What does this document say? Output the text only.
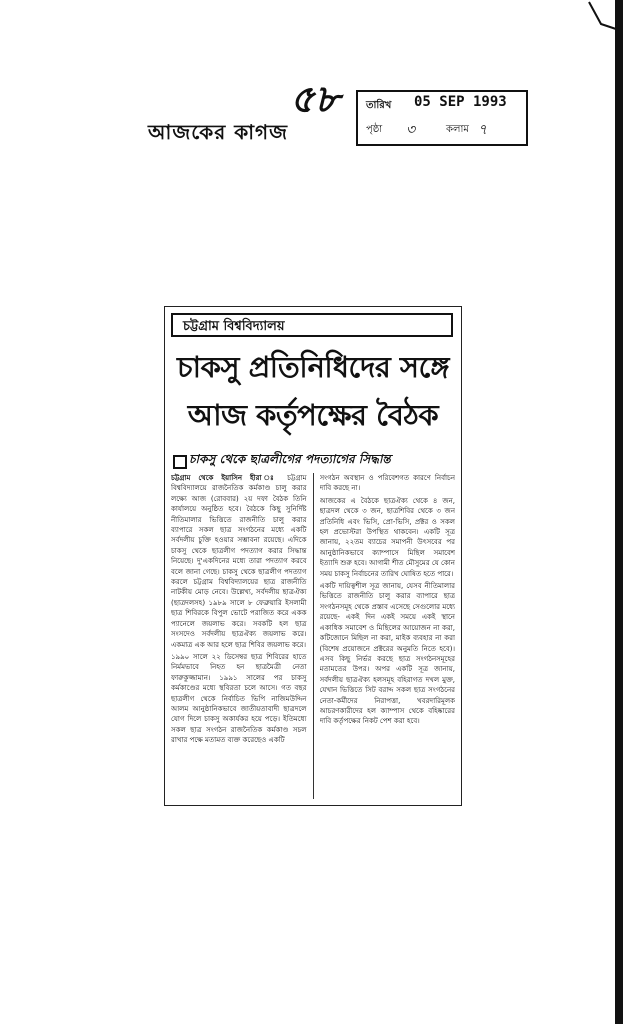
আজকের কাগজ
৫৮	তারিখ 05 SEP 1993
পৃষ্ঠা ৩	কলাম ৭
চট্টগ্রাম বিশ্ববিদ্যালয়
চাকসু প্রতিনিধিদের সঙ্গে
আজ কর্তৃপক্ষের বৈঠক
চাকসু থেকে ছাত্রলীগের পদত্যাগের সিদ্ধান্ত

চট্টগ্রাম থেকে ইয়াসিন হীরা ঃ চট্টগ্রাম বিশ্ববিদ্যালয়ে রাজনৈতিক কর্মকাণ্ড চালু করার লক্ষ্যে আজ (রোববার) ২য় দফা বৈঠক তিনি কার্যালয়ে অনুষ্ঠিত হবে। বৈঠকে কিছু সুনির্দিষ্ট নীতিমালার ভিত্তিতে রাজনীতি চালু করার ব্যাপারে সকল ছাত্র সংগঠনের মধ্যে একটি সর্বদলীয় চুক্তি হওয়ার সম্ভাবনা রয়েছে। এদিকে চাকসু থেকে ছাত্রলীগ পদত্যাগ করার সিদ্ধান্ত নিয়েছে। দু'একদিনের মধ্যে তারা পদত্যাগ করবে বলে জানা গেছে। চাকসু থেকে ছাত্রলীগ পদত্যাগ করলে চট্টগ্রাম বিশ্ববিদ্যালয়ের ছাত্র রাজনীতি নাটকীয় মোড় নেবে। উল্লেখ্য, সর্বদলীয় ছাত্রঐক্য (ছাত্রদলসহ) ১৯৮৯ সালে ৮ ফেব্রুয়ারি ইসলামী ছাত্র শিবিরকে বিপুল ভোটে পরাজিত করে একক প্যানেলে জয়লাভ করে। সবকটি হল ছাত্র সংসদেও সর্বদলীয় ছাত্রঐক্য জয়লাভ করে। একমাত্র এক আর হলে ছাত্র শিবির জয়লাভ করে।

১৯৯০ সালে ২২ ডিসেম্বর ছাত্র শিবিরের হাতে নির্মমভাবে নিহত হন ছাত্রমৈত্রী নেতা ফারুকুজ্জামান। ১৯৯১ সালের পর চাকসু কর্মকাণ্ডের মধ্যে স্থবিরতা চলে আসে। গত বছর ছাত্রলীগ থেকে নির্বাচিত ভিপি নাজিমউদ্দিন আলম আনুষ্ঠানিকভাবে জাতীয়তাবাদী ছাত্রদলে যোগ দিলে চাকসু অকার্যকর হয়ে পড়ে। ইতিমধ্যে সকল ছাত্র সংগঠন রাজনৈতিক কর্মকাণ্ড সচল রাখার পক্ষে মতামত ব্যক্ত করেছেও একটি

সংগঠন অবস্থান ও পরিবেশগত কারণে নির্বাচন দাবি করছে না।

আজকের এ বৈঠকে ছাত্রঐক্য থেকে ৪ জন, ছাত্রদল থেকে ৩ জন, ছাত্রশিবির থেকে ৩ জন প্রতিনিধি এবং ভিসি, প্রো-ভিসি, প্রক্টর ও সকল হল প্রভোস্টরা উপস্থিত থাকবেন। একটি সূত্র জানায়, ২২তম ব্যাচের সমাপনী উৎসবের পর আনুষ্ঠানিকভাবে ক্যাম্পাসে মিছিল সমাবেশ ইত্যাদি শুরু হবে। আগামী শীত মৌসুমের যে কোন সময় চাকসু নির্বাচনের তারিখ ঘোষিত হতে পারে।

একটি দায়িত্বশীল সূত্র জানায়, যেসব নীতিমালার ভিত্তিতে রাজনীতি চালু করার ব্যাপারে ছাত্র সংগঠনসমূহ থেকে প্রস্তাব এসেছে সেগুলোর মধ্যে রয়েছে- একই দিন একই সময়ে একই স্থানে একাধিক সমাবেশ ও মিছিলের আয়োজন না করা, কটিজোনে মিছিল না করা, মাইক ব্যবহার না করা (বিশেষ প্রয়োজনে প্রক্টরের অনুমতি নিতে হবে)। এসব কিছু নির্ভর করছে ছাত্র সংগঠনসমূহের মতামতের উপর। অপর একটি সূত্র জানায়, সর্বদলীয় ছাত্রঐক্য হলসমূহ বহিরাগত দখল মুক্ত, যেখান ভিত্তিতে সিট বরাদ্দ সকল ছাত্র সংগঠনের নেতা-কর্মীদের নিরাপত্তা, খবরদারিমূলক আচরণকারীদের হল ক্যাম্পাস থেকে বহিষ্কারের দাবি কর্তৃপক্ষের নিকট পেশ করা হবে।
